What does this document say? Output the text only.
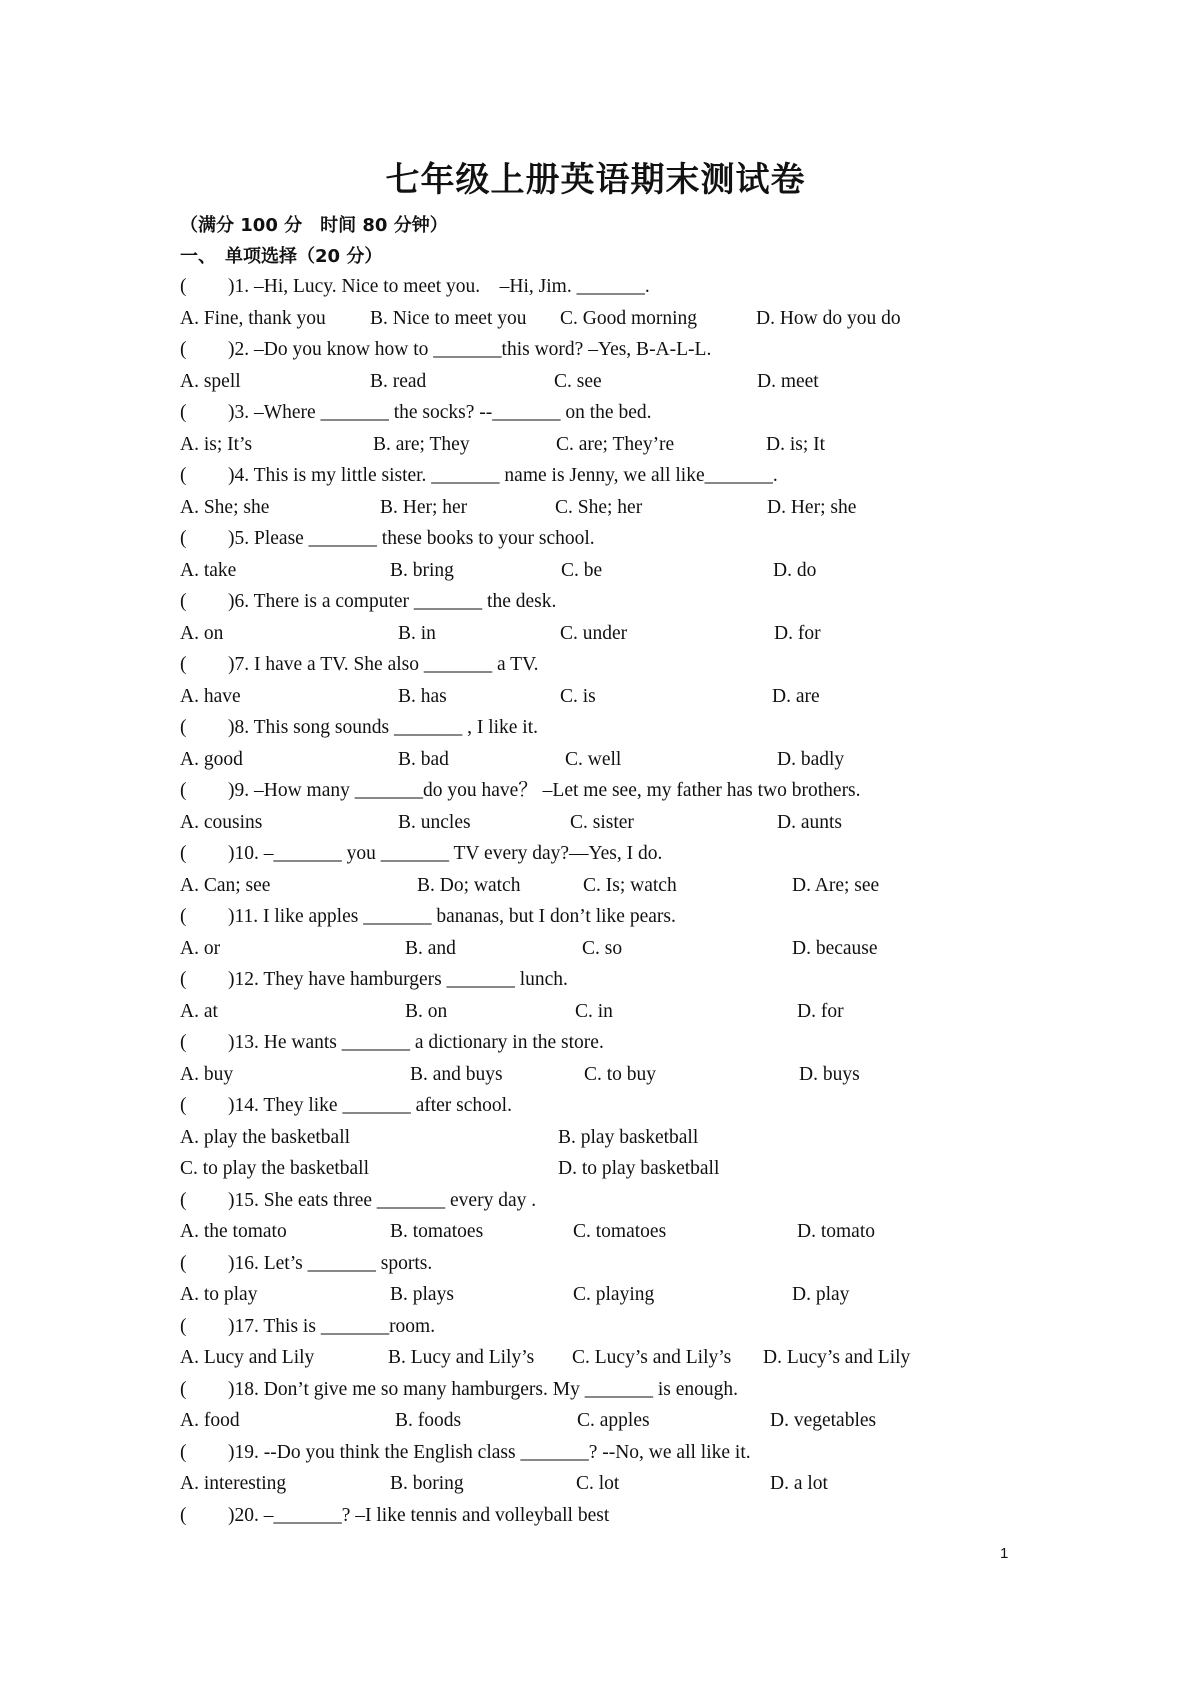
七年级上册英语期末测试卷
（满分 100 分　时间 80 分钟）
一、　单项选择（20 分）
( )1. –Hi, Lucy. Nice to meet you.　–Hi, Jim. _______.
A. Fine, thank you B. Nice to meet you C. Good morning	D. How do you do
( )2. –Do you know how to _______this word? –Yes, B-A-L-L.
A. spell	B. read	C. see	D. meet
( )3. –Where _______ the socks? --_______ on the bed.
A. is; It’s	B. are; They	C. are; They’re	D. is; It
( )4. This is my little sister. _______ name is Jenny, we all like_______.
A. She; she	B. Her; her	C. She; her	D. Her; she
( )5. Please _______ these books to your school.
A. take	B. bring	C. be	D. do
( )6. There is a computer _______ the desk.
A. on	B. in	C. under	D. for
( )7. I have a TV. She also _______ a TV.
A. have	B. has	C. is	D. are
( )8. This song sounds _______ , I like it.
A. good	B. bad	C. well	D. badly
( )9. –How many _______do you have？ –Let me see, my father has two brothers.
A. cousins	B. uncles	C. sister	D. aunts
( )10. –_______ you _______ TV every day?—Yes, I do.
A. Can; see	B. Do; watch	C. Is; watch	D. Are; see
( )11. I like apples _______ bananas, but I don’t like pears.
A. or	B. and	C. so	D. because
( )12. They have hamburgers _______ lunch.
A. at	B. on	C. in	D. for
( )13. He wants _______ a dictionary in the store.
A. buy	B. and buys	C. to buy	D. buys
( )14. They like _______ after school.
A. play the basketball	B. play basketball
C. to play the basketball	D. to play basketball
( )15. She eats three _______ every day .
A. the tomato	B. tomatoes	C. tomatoes	D. tomato
( )16. Let’s _______ sports.
A. to play	B. plays	C. playing	D. play
( )17. This is _______room.
A. Lucy and Lily	B. Lucy and Lily’s C. Lucy’s and Lily’s D. Lucy’s and Lily
( )18. Don’t give me so many hamburgers. My _______ is enough.
A. food	B. foods	C. apples	D. vegetables
( )19. --Do you think the English class _______? --No, we all like it.
A. interesting	B. boring	C. lot	D. a lot
( )20. –_______? –I like tennis and volleyball best
1
